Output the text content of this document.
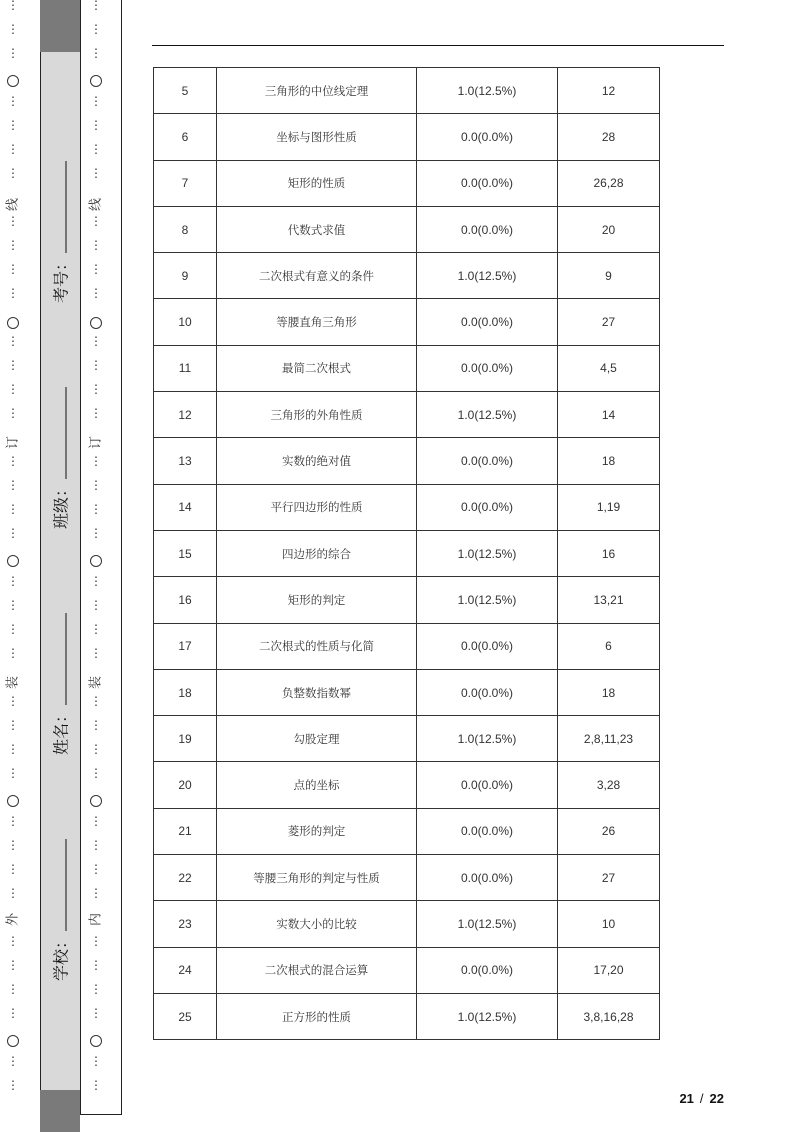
⋮
⋮
⋮
⋮
⋮
⋮
⋮
⋮
⋮
⋮
⋮
⋮
⋮
⋮
⋮
⋮
⋮
⋮
⋮
⋮
⋮
⋮
⋮
⋮
⋮
⋮
⋮
⋮
⋮
⋮
⋮
⋮
⋮
⋮
⋮
⋮
⋮
外
装
订
线
⋮
⋮
⋮
⋮
⋮
⋮
⋮
⋮
⋮
⋮
⋮
⋮
⋮
⋮
⋮
⋮
⋮
⋮
⋮
⋮
⋮
⋮
⋮
⋮
⋮
⋮
⋮
⋮
⋮
⋮
⋮
⋮
⋮
⋮
⋮
⋮
⋮
内
装
订
线
学校：
姓名：
班级：
考号：
5	三角形的中位线定理	1.0(12.5%)	12
6	坐标与图形性质	0.0(0.0%)	28
7	矩形的性质	0.0(0.0%)	26,28
8	代数式求值	0.0(0.0%)	20
9	二次根式有意义的条件	1.0(12.5%)	9
10	等腰直角三角形	0.0(0.0%)	27
11	最简二次根式	0.0(0.0%)	4,5
12	三角形的外角性质	1.0(12.5%)	14
13	实数的绝对值	0.0(0.0%)	18
14	平行四边形的性质	0.0(0.0%)	1,19
15	四边形的综合	1.0(12.5%)	16
16	矩形的判定	1.0(12.5%)	13,21
17	二次根式的性质与化简	0.0(0.0%)	6
18	负整数指数幂	0.0(0.0%)	18
19	勾股定理	1.0(12.5%)	2,8,11,23
20	点的坐标	0.0(0.0%)	3,28
21	菱形的判定	0.0(0.0%)	26
22	等腰三角形的判定与性质	0.0(0.0%)	27
23	实数大小的比较	1.0(12.5%)	10
24	二次根式的混合运算	0.0(0.0%)	17,20
25	正方形的性质	1.0(12.5%)	3,8,16,28
21 / 22
